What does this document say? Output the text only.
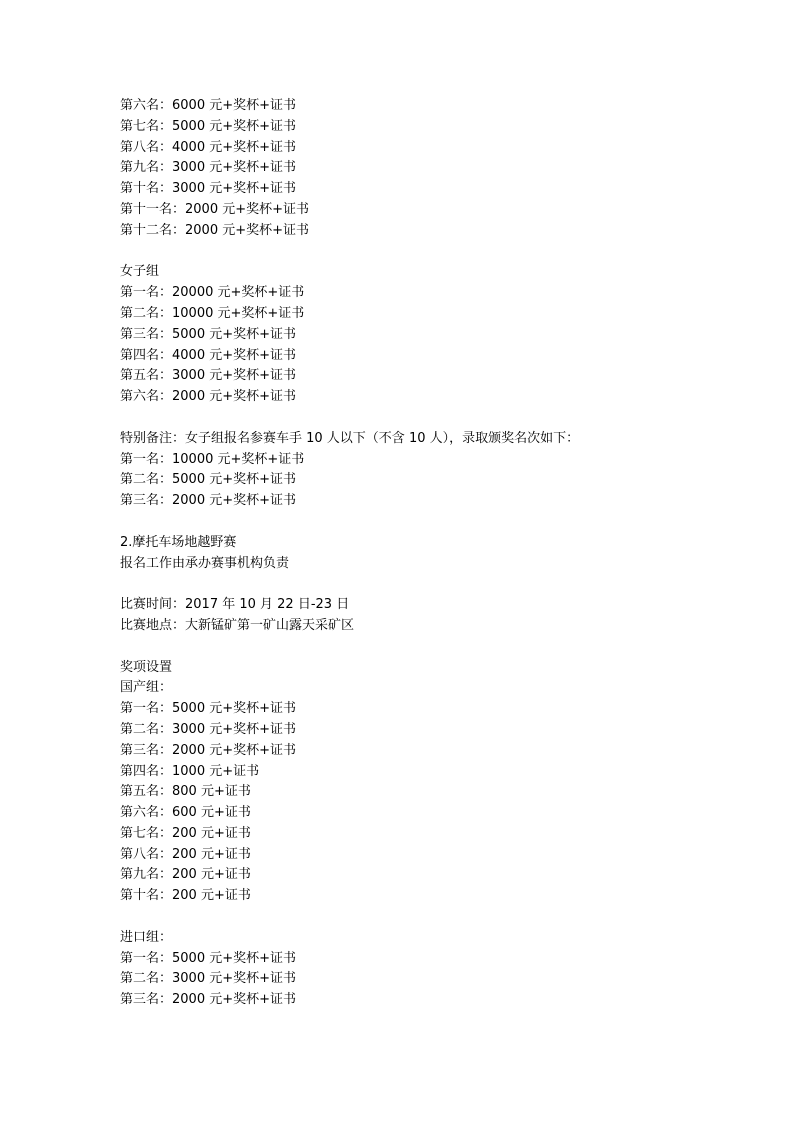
第六名：6000 元+奖杯+证书
第七名：5000 元+奖杯+证书
第八名：4000 元+奖杯+证书
第九名：3000 元+奖杯+证书
第十名：3000 元+奖杯+证书
第十一名：2000 元+奖杯+证书
第十二名：2000 元+奖杯+证书
女子组
第一名：20000 元+奖杯+证书
第二名：10000 元+奖杯+证书
第三名：5000 元+奖杯+证书
第四名：4000 元+奖杯+证书
第五名：3000 元+奖杯+证书
第六名：2000 元+奖杯+证书
特别备注：女子组报名参赛车手 10 人以下（不含 10 人），录取颁奖名次如下：
第一名：10000 元+奖杯+证书
第二名：5000 元+奖杯+证书
第三名：2000 元+奖杯+证书
2.摩托车场地越野赛
报名工作由承办赛事机构负责
比赛时间：2017 年 10 月 22 日-23 日
比赛地点：大新锰矿第一矿山露天采矿区
奖项设置
国产组：
第一名：5000 元+奖杯+证书
第二名：3000 元+奖杯+证书
第三名：2000 元+奖杯+证书
第四名：1000 元+证书
第五名：800 元+证书
第六名：600 元+证书
第七名：200 元+证书
第八名：200 元+证书
第九名：200 元+证书
第十名：200 元+证书
进口组：
第一名：5000 元+奖杯+证书
第二名：3000 元+奖杯+证书
第三名：2000 元+奖杯+证书
